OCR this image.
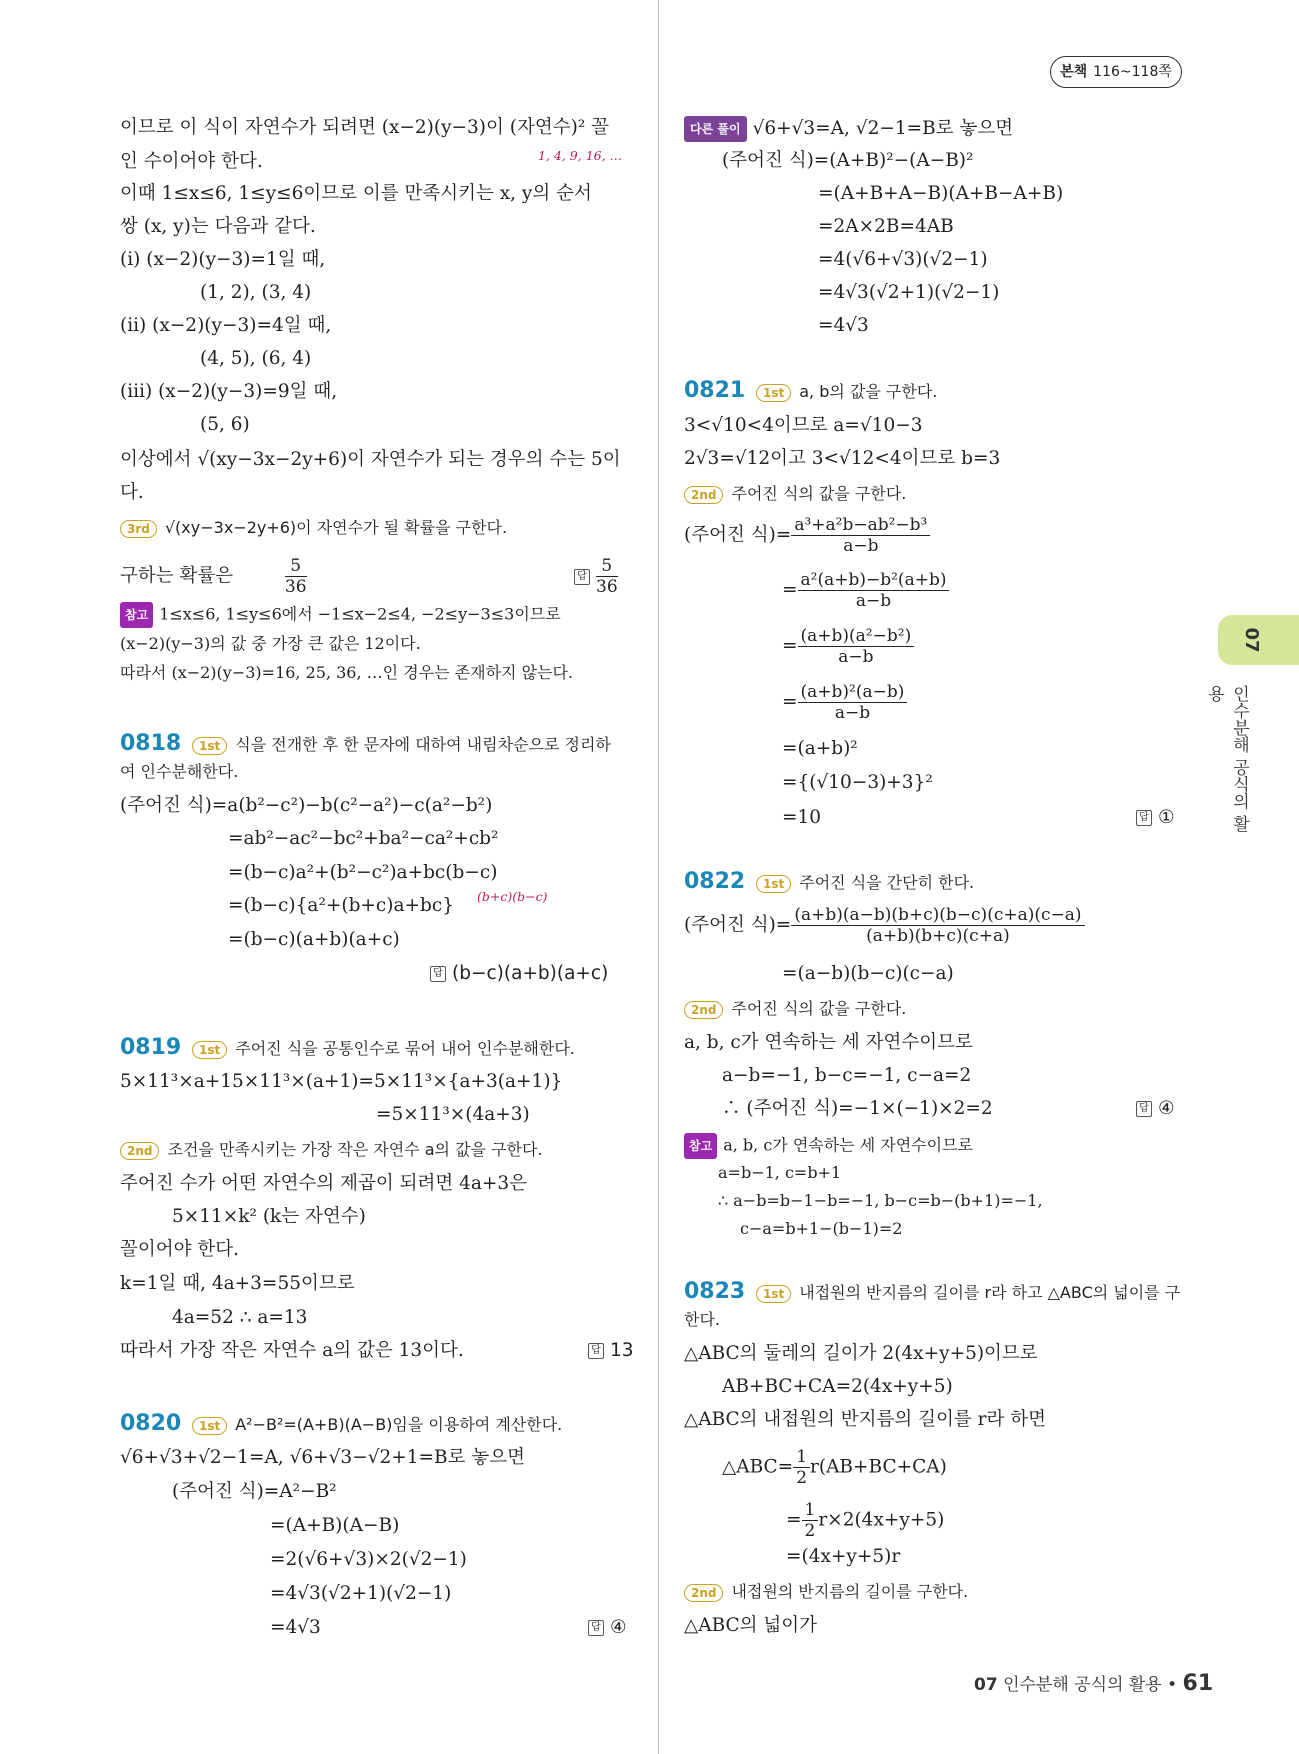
본책 116~118쪽
07
인수분해 공식의 활용
이므로 이 식이 자연수가 되려면 (x−2)(y−3)이 (자연수)² 꼴
1, 4, 9, 16, …
인 수이어야 한다.
이때 1≤x≤6, 1≤y≤6이므로 이를 만족시키는 x, y의 순서
쌍 (x, y)는 다음과 같다.
(ⅰ) (x−2)(y−3)=1일 때,
(1, 2), (3, 4)
(ⅱ) (x−2)(y−3)=4일 때,
(4, 5), (6, 4)
(ⅲ) (x−2)(y−3)=9일 때,
(5, 6)
이상에서 √(xy−3x−2y+6)이 자연수가 되는 경우의 수는 5이
다.
3rd √(xy−3x−2y+6)이 자연수가 될 확률을 구한다.
구하는 확률은	$\frac{5}{36}$	답 $\frac{5}{36}$
참고 1≤x≤6, 1≤y≤6에서 −1≤x−2≤4, −2≤y−3≤3이므로
(x−2)(y−3)의 값 중 가장 큰 값은 12이다.
따라서 (x−2)(y−3)=16, 25, 36, …인 경우는 존재하지 않는다.
0818	1st 식을 전개한 후 한 문자에 대하여 내림차순으로 정리하
여 인수분해한다.
(주어진 식)=a(b²−c²)−b(c²−a²)−c(a²−b²)
=ab²−ac²−bc²+ba²−ca²+cb²
=(b−c)a²+(b²−c²)a+bc(b−c)
(b+c)(b−c)
=(b−c){a²+(b+c)a+bc}
=(b−c)(a+b)(a+c)
답 (b−c)(a+b)(a+c)
0819	1st 주어진 식을 공통인수로 묶어 내어 인수분해한다.
5×11³×a+15×11³×(a+1)=5×11³×{a+3(a+1)}
=5×11³×(4a+3)
2nd 조건을 만족시키는 가장 작은 자연수 a의 값을 구한다.
주어진 수가 어떤 자연수의 제곱이 되려면 4a+3은
5×11×k² (k는 자연수)
꼴이어야 한다.
k=1일 때, 4a+3=55이므로
4a=52 ∴ a=13
따라서 가장 작은 자연수 a의 값은 13이다.	답 13
0820	1st A²−B²=(A+B)(A−B)임을 이용하여 계산한다.
√6+√3+√2−1=A, √6+√3−√2+1=B로 놓으면
(주어진 식)=A²−B²
=(A+B)(A−B)
=2(√6+√3)×2(√2−1)
=4√3(√2+1)(√2−1)
=4√3	답 ④
다른 풀이 √6+√3=A, √2−1=B로 놓으면
(주어진 식)=(A+B)²−(A−B)²
=(A+B+A−B)(A+B−A+B)
=2A×2B=4AB
=4(√6+√3)(√2−1)
=4√3(√2+1)(√2−1)
=4√3
0821	1st a, b의 값을 구한다.
3<√10<4이므로 a=√10−3
2√3=√12이고 3<√12<4이므로 b=3
2nd 주어진 식의 값을 구한다.
(주어진 식)= $\frac{\text{a³+a²b−ab²−b³}}{a-b}$
= $\frac{\text{a²(a+b)−b²(a+b)}}{a-b}$
= $\frac{\text{(a+b)(a²−b²)}}{a-b}$
= $\frac{\text{(a+b)²(a−b)}}{a-b}$
=(a+b)²
={(√10−3)+3}²
=10	답 ①
0822	1st 주어진 식을 간단히 한다.
(주어진 식)= $\frac{(a+b)(a-b)(b+c)(b-c)(c+a)(c-a)}{(a+b)(b+c)(c+a)}$
=(a−b)(b−c)(c−a)
2nd 주어진 식의 값을 구한다.
a, b, c가 연속하는 세 자연수이므로
a−b=−1, b−c=−1, c−a=2
∴ (주어진 식)=−1×(−1)×2=2	답 ④
참고 a, b, c가 연속하는 세 자연수이므로
a=b−1, c=b+1
∴ a−b=b−1−b=−1, b−c=b−(b+1)=−1,
c−a=b+1−(b−1)=2
0823	1st 내접원의 반지름의 길이를 r라 하고 △ABC의 넓이를 구
한다.
△ABC의 둘레의 길이가 2(4x+y+5)이므로
AB+BC+CA=2(4x+y+5)
△ABC의 내접원의 반지름의 길이를 r라 하면
△ABC= $\frac{1}{2} r(AB+BC+CA)$
= $\frac{1}{2} r\times 2(4x+y+5)$
=(4x+y+5)r
2nd 내접원의 반지름의 길이를 구한다.
△ABC의 넓이가
07 인수분해 공식의 활용 • 61
